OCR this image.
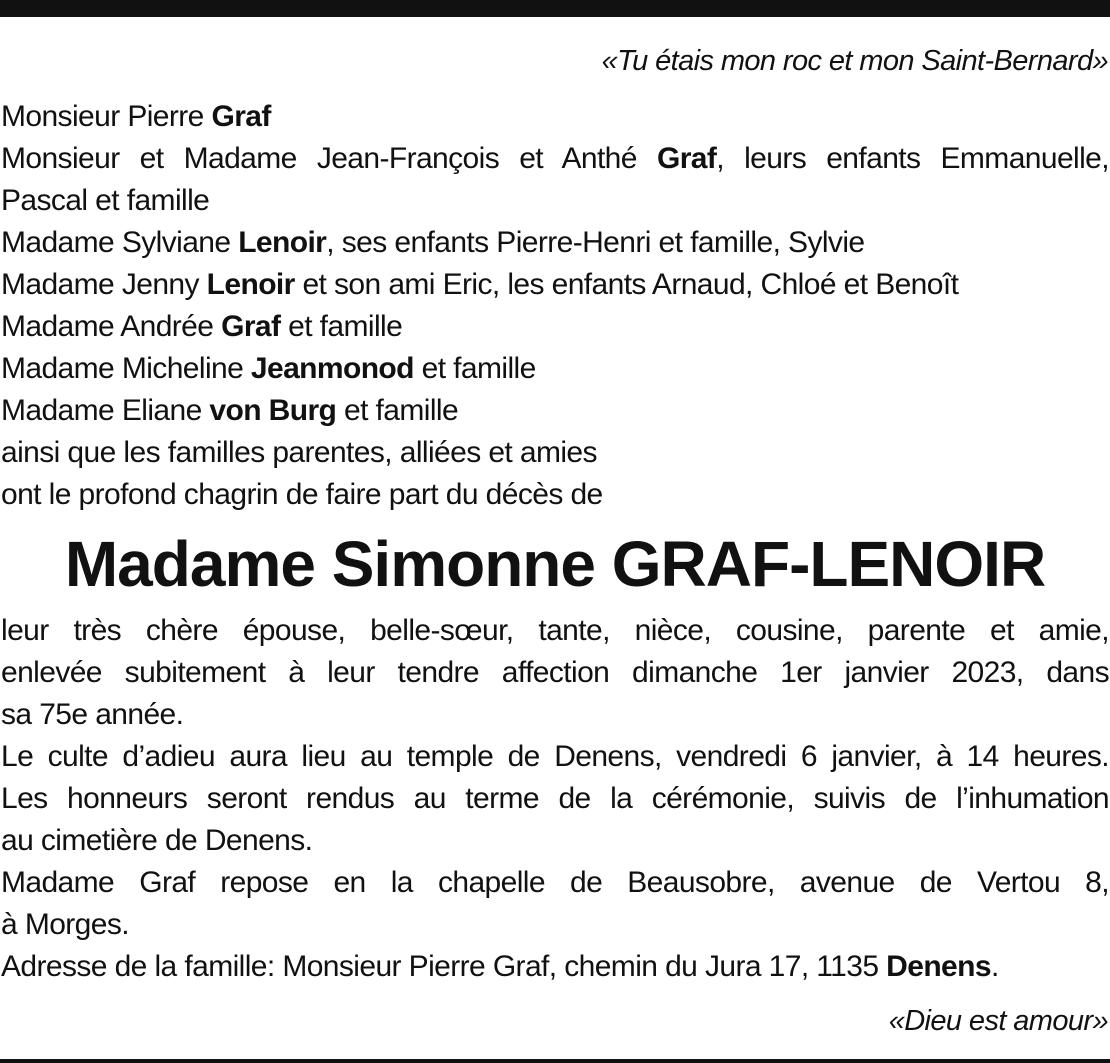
«Tu étais mon roc et mon Saint-Bernard»
Monsieur Pierre Graf
Monsieur et Madame Jean-François et Anthé Graf, leurs enfants Emmanuelle,
Pascal et famille
Madame Sylviane Lenoir, ses enfants Pierre-Henri et famille, Sylvie
Madame Jenny Lenoir et son ami Eric, les enfants Arnaud, Chloé et Benoît
Madame Andrée Graf et famille
Madame Micheline Jeanmonod et famille
Madame Eliane von Burg et famille
ainsi que les familles parentes, alliées et amies
ont le profond chagrin de faire part du décès de
Madame Simonne GRAF-LENOIR
leur très chère épouse, belle-sœur, tante, nièce, cousine, parente et amie,
enlevée subitement à leur tendre affection dimanche 1er janvier 2023, dans
sa 75e année.
Le culte d’adieu aura lieu au temple de Denens, vendredi 6 janvier, à 14 heures.
Les honneurs seront rendus au terme de la cérémonie, suivis de l’inhumation
au cimetière de Denens.
Madame Graf repose en la chapelle de Beausobre, avenue de Vertou 8,
à Morges.
Adresse de la famille: Monsieur Pierre Graf, chemin du Jura 17, 1135 Denens.
«Dieu est amour»
